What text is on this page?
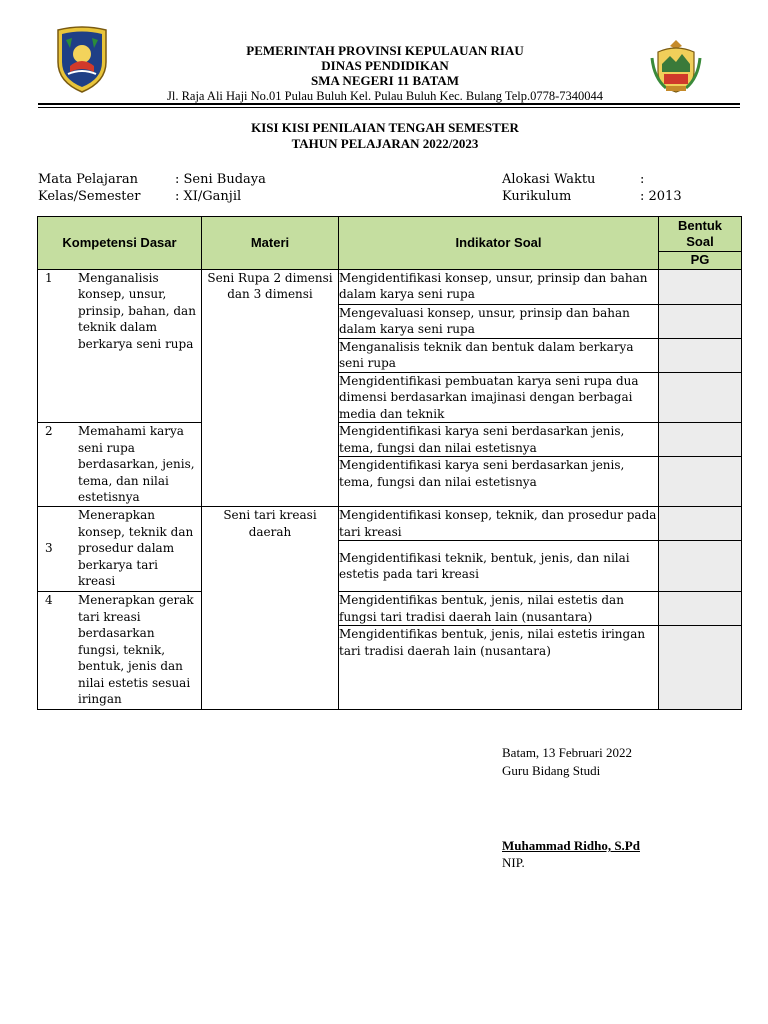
PEMERINTAH PROVINSI KEPULAUAN RIAU
DINAS PENDIDIKAN
SMA NEGERI 11 BATAM
Jl. Raja Ali Haji No.01 Pulau Buluh Kel. Pulau Buluh Kec. Bulang Telp.0778-7340044
KISI KISI PENILAIAN TENGAH SEMESTER
TAHUN PELAJARAN 2022/2023
Mata Pelajaran	: Seni Budaya
Kelas/Semester	: XI/Ganjil
Alokasi Waktu	:
Kurikulum	: 2013
Kompetensi Dasar	Materi	Indikator Soal	Bentuk Soal
			PG

1 Menganalisis konsep, unsur, prinsip, bahan, dan teknik dalam berkarya seni rupa	Seni Rupa 2 dimensi dan 3 dimensi	Mengidentifikasi konsep, unsur, prinsip dan bahan dalam karya seni rupa	
		Mengevaluasi konsep, unsur, prinsip dan bahan dalam karya seni rupa	
		Menganalisis teknik dan bentuk dalam berkarya seni rupa	
		Mengidentifikasi pembuatan karya seni rupa dua dimensi berdasarkan imajinasi dengan berbagai media dan teknik	

2 Memahami karya seni rupa berdasarkan, jenis, tema, dan nilai estetisnya		Mengidentifikasi karya seni berdasarkan jenis, tema, fungsi dan nilai estetisnya	
		Mengidentifikasi karya seni berdasarkan jenis, tema, fungsi dan nilai estetisnya	

3
Menerapkan konsep, teknik dan prosedur dalam berkarya tari kreasi	Seni tari kreasi daerah	Mengidentifikasi konsep, teknik, dan prosedur pada tari kreasi	
		Mengidentifikasi teknik, bentuk, jenis, dan nilai estetis pada tari kreasi	

4 Menerapkan gerak tari kreasi berdasarkan fungsi, teknik, bentuk, jenis dan nilai estetis sesuai iringan		Mengidentifikas bentuk, jenis, nilai estetis dan fungsi tari tradisi daerah lain (nusantara)	
		Mengidentifikas bentuk, jenis, nilai estetis iringan tari tradisi daerah lain (nusantara)	
Batam, 13 Februari 2022
Guru Bidang Studi
Muhammad Ridho, S.Pd
NIP.
